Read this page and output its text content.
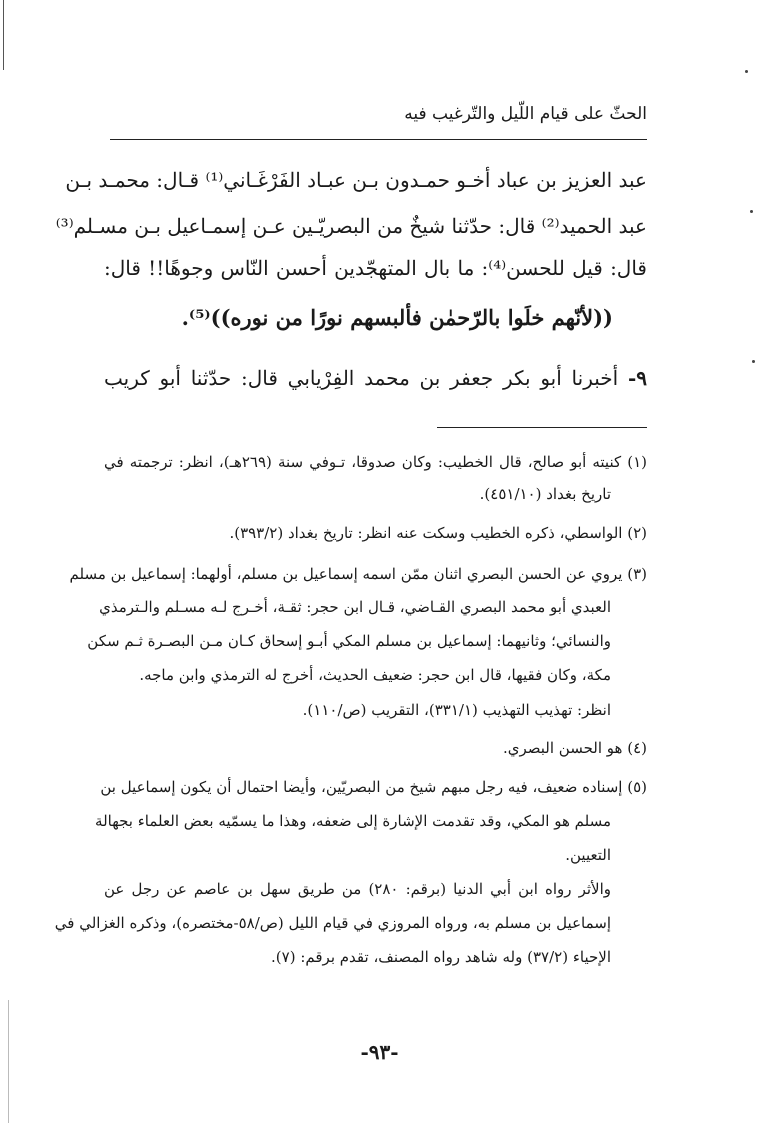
الحثّ على قيام اللّيل والتّرغيب فيه
عبد العزيز بن عباد أخـو حمـدون بـن عبـاد الفَرْغَـاني⁽¹⁾ قـال: محمـد بـن
عبد الحميد⁽²⁾ قال: حدّثنا شيخٌ من البصريّـين عـن إسمـاعيل بـن مسـلم⁽³⁾
قال: قيل للحسن⁽⁴⁾: ما بال المتهجّدين أحسن النّاس وجوهًا!! قال:
((لأنّهم خلَوا بالرّحمٰن فألبسهم نورًا من نوره))⁽⁵⁾.
٩- أخبرنا أبو بكر جعفر بن محمد الفِرْيابي قال: حدّثنا أبو كريب
(١) كنيته أبو صالح، قال الخطيب: وكان صدوقا، تـوفي سنة (٢٦٩هـ)، انظر: ترجمته في
تاريخ بغداد (٤٥١/١٠).
(٢) الواسطي، ذكره الخطيب وسكت عنه انظر: تاريخ بغداد (٣٩٣/٢).
(٣) يروي عن الحسن البصري اثنان ممّن اسمه إسماعيل بن مسلم، أولهما: إسماعيل بن مسلم
العبدي أبو محمد البصري القـاضي، قـال ابن حجر: ثقـة، أخـرج لـه مسـلم والـترمذي
والنسائي؛ وثانيهما: إسماعيل بن مسلم المكي أبـو إسحاق كـان مـن البصـرة ثـم سكن
مكة، وكان فقيها، قال ابن حجر: ضعيف الحديث، أخرج له الترمذي وابن ماجه.
انظر: تهذيب التهذيب (٣٣١/١)، التقريب (ص/١١٠).
(٤) هو الحسن البصري.
(٥) إسناده ضعيف، فيه رجل مبهم شيخ من البصريّين، وأيضا احتمال أن يكون إسماعيل بن
مسلم هو المكي، وقد تقدمت الإشارة إلى ضعفه، وهذا ما يسمّيه بعض العلماء بجهالة
التعيين.
والأثر رواه ابن أبي الدنيا (برقم: ٢٨٠) من طريق سهل بن عاصم عن رجل عن
إسماعيل بن مسلم به، ورواه المروزي في قيام الليل (ص/٥٨-مختصره)، وذكره الغزالي في
الإحياء (٣٧/٢) وله شاهد رواه المصنف، تقدم برقم: (٧).
-٩٣-
